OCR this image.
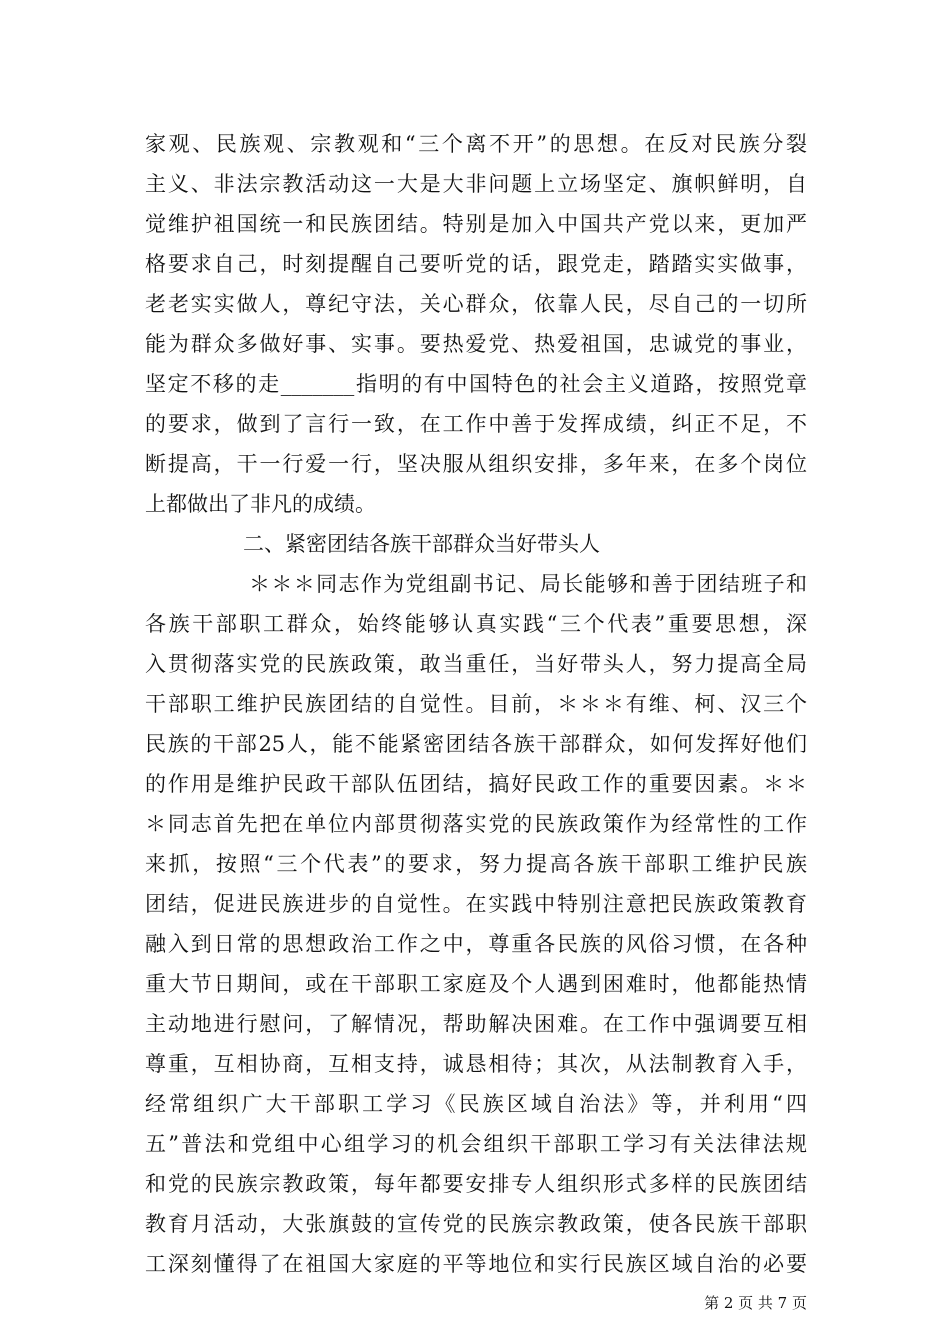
家观、民族观、宗教观和“三个离不开”的思想。在反对民族分裂
主义、非法宗教活动这一大是大非问题上立场坚定、旗帜鲜明，自
觉维护祖国统一和民族团结。特别是加入中国共产党以来，更加严
格要求自己，时刻提醒自己要听党的话，跟党走，踏踏实实做事，
老老实实做人，尊纪守法，关心群众，依靠人民，尽自己的一切所
能为群众多做好事、实事。要热爱党、热爱祖国，忠诚党的事业，
坚定不移的走_______指明的有中国特色的社会主义道路，按照党章
的要求，做到了言行一致，在工作中善于发挥成绩，纠正不足，不
断提高，干一行爱一行，坚决服从组织安排，多年来，在多个岗位
上都做出了非凡的成绩。
二、紧密团结各族干部群众当好带头人
＊＊＊同志作为党组副书记、局长能够和善于团结班子和
各族干部职工群众，始终能够认真实践“三个代表”重要思想，深
入贯彻落实党的民族政策，敢当重任，当好带头人，努力提高全局
干部职工维护民族团结的自觉性。目前，＊＊＊有维、柯、汉三个
民族的干部25人，能不能紧密团结各族干部群众，如何发挥好他们
的作用是维护民政干部队伍团结，搞好民政工作的重要因素。＊＊
＊同志首先把在单位内部贯彻落实党的民族政策作为经常性的工作
来抓，按照“三个代表”的要求，努力提高各族干部职工维护民族
团结，促进民族进步的自觉性。在实践中特别注意把民族政策教育
融入到日常的思想政治工作之中，尊重各民族的风俗习惯，在各种
重大节日期间，或在干部职工家庭及个人遇到困难时，他都能热情
主动地进行慰问，了解情况，帮助解决困难。在工作中强调要互相
尊重，互相协商，互相支持，诚恳相待；其次，从法制教育入手，
经常组织广大干部职工学习《民族区域自治法》等，并利用“四
五”普法和党组中心组学习的机会组织干部职工学习有关法律法规
和党的民族宗教政策，每年都要安排专人组织形式多样的民族团结
教育月活动，大张旗鼓的宣传党的民族宗教政策，使各民族干部职
工深刻懂得了在祖国大家庭的平等地位和实行民族区域自治的必要
第 2 页 共 7 页
